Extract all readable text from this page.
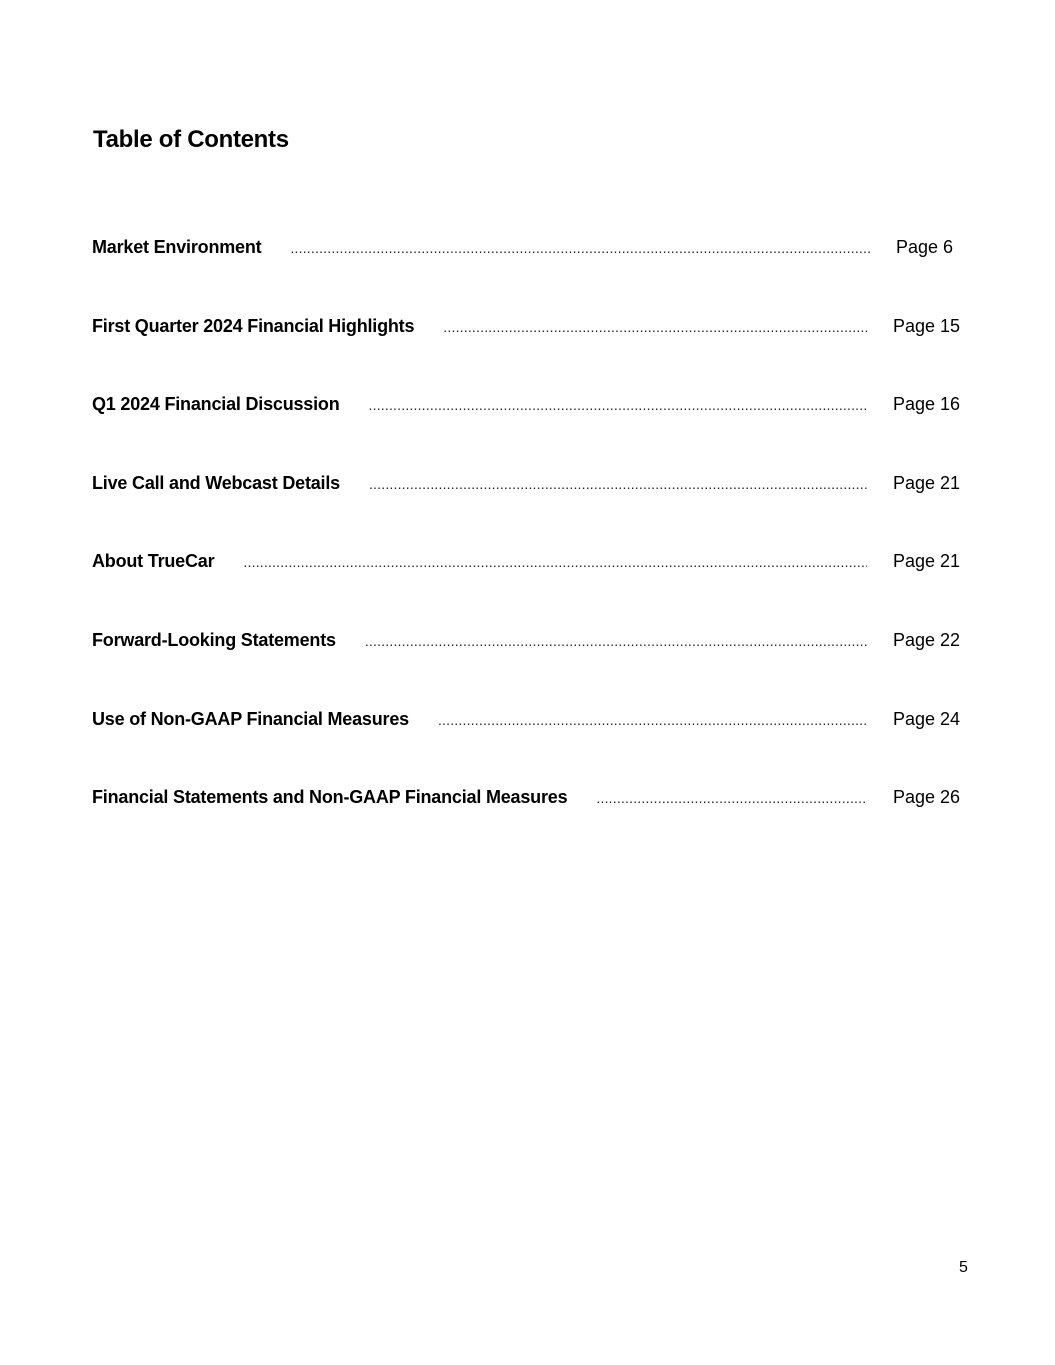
Table of Contents
Market Environment .....	Page 6
First Quarter 2024 Financial Highlights .....	Page 15
Q1 2024 Financial Discussion .....	Page 16
Live Call and Webcast Details .....	Page 21
About TrueCar .....	Page 21
Forward-Looking Statements .....	Page 22
Use of Non-GAAP Financial Measures .....	Page 24
Financial Statements and Non-GAAP Financial Measures .....	Page 26
5
